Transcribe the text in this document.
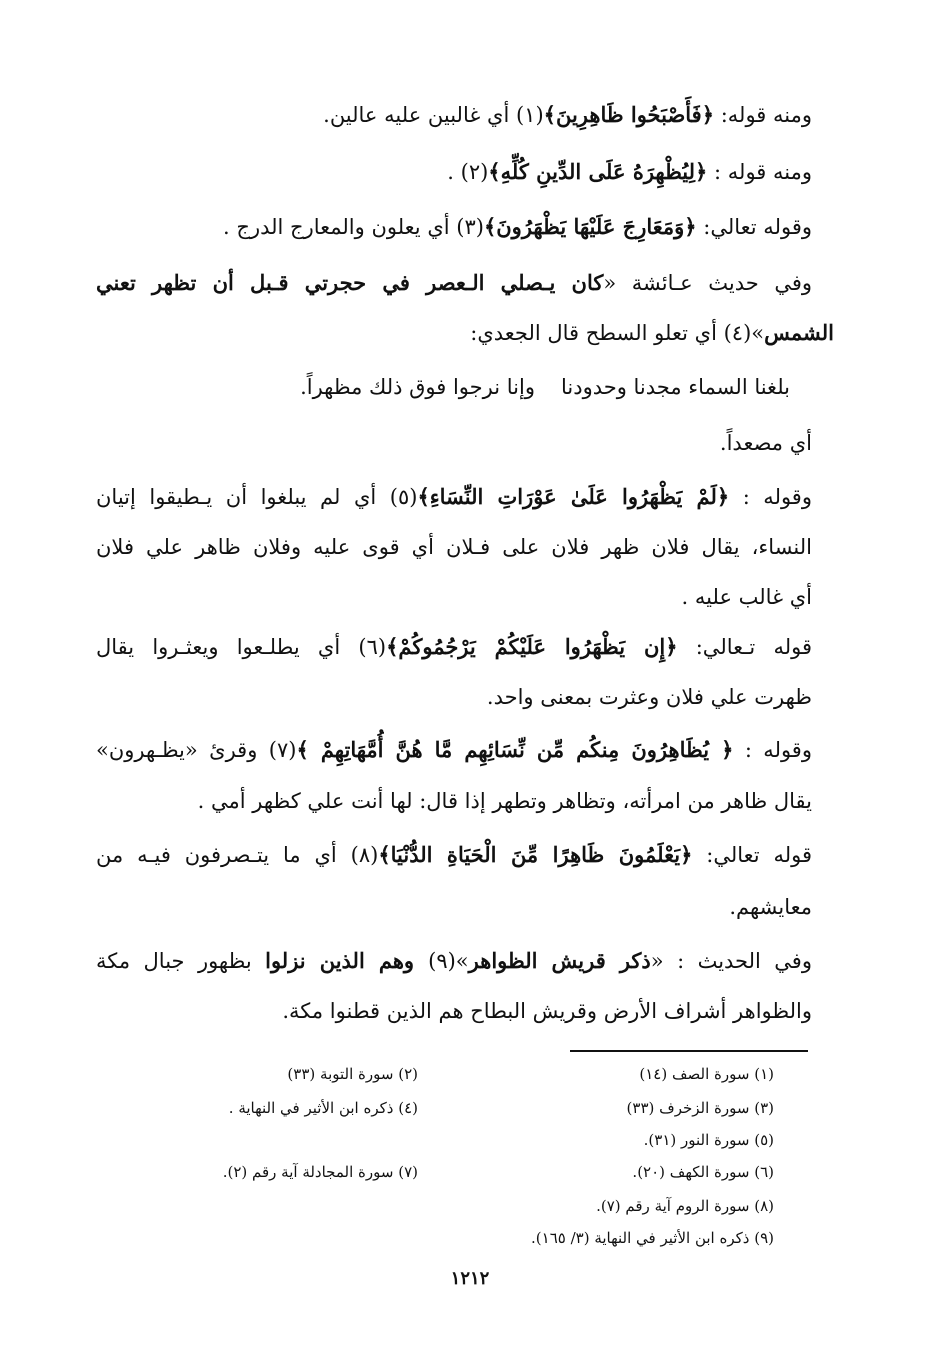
ومنه قوله: ﴿فَأَصْبَحُوا ظَاهِرِينَ﴾(١) أي غالبين عليه عالين.
ومنه قوله : ﴿لِيُظْهِرَهُ عَلَى الدِّينِ كُلِّهِ﴾(٢) .
وقوله تعالي: ﴿وَمَعَارِجَ عَلَيْهَا يَظْهَرُونَ﴾(٣) أي يعلون والمعارج الدرج .
وفي حديث عـائشة «كان يـصلي الـعصر في حجرتي قـبل أن تظهر تعني
الشمس»(٤) أي تعلو السطح قال الجعدي:
بلغنا السماء مجدنا وحدودناوإنا نرجوا فوق ذلك مظهراً.
أي مصعداً.
وقوله : ﴿لَمْ يَظْهَرُوا عَلَىٰ عَوْرَاتِ النِّسَاءِ﴾(٥) أي لم يبلغوا أن يـطيقوا إتيان
النساء، يقال فلان ظهر فلان على فـلان أي قوى عليه وفلان ظاهر علي فلان
أي غالب عليه .
قوله تـعالي: ﴿إِن يَظْهَرُوا عَلَيْكُمْ يَرْجُمُوكُمْ﴾(٦) أي يطلـعوا ويعثـروا يقال
ظهرت علي فلان وعثرت بمعنى واحد.
وقوله : ﴿ يُظَاهِرُونَ مِنكُم مِّن نِّسَائِهِم مَّا هُنَّ أُمَّهَاتِهِمْ ﴾(٧) وقرئ «يظـهرون»
يقال ظاهر من امرأته، وتظاهر وتطهر إذا قال: لها أنت علي كظهر أمي .
قوله تعالي: ﴿يَعْلَمُونَ ظَاهِرًا مِّنَ الْحَيَاةِ الدُّنْيَا﴾(٨) أي ما يتـصرفون فيـه من
معايشهم.
وفي الحديث : «ذكر قريش الظواهر»(٩) وهم الذين نزلوا بظهور جبال مكة
والظواهر أشراف الأرض وقريش البطاح هم الذين قطنوا مكة.
(١) سورة الصف (١٤)
(٢) سورة التوبة (٣٣)
(٣) سورة الزخرف (٣٣)
(٤) ذكره ابن الأثير في النهاية .
(٥) سورة النور (٣١).
(٦) سورة الكهف (٢٠).
(٧) سورة المجادلة آية رقم (٢).
(٨) سورة الروم آية رقم (٧).
(٩) ذكره ابن الأثير في النهاية (٣/ ١٦٥).
١٢١٢
